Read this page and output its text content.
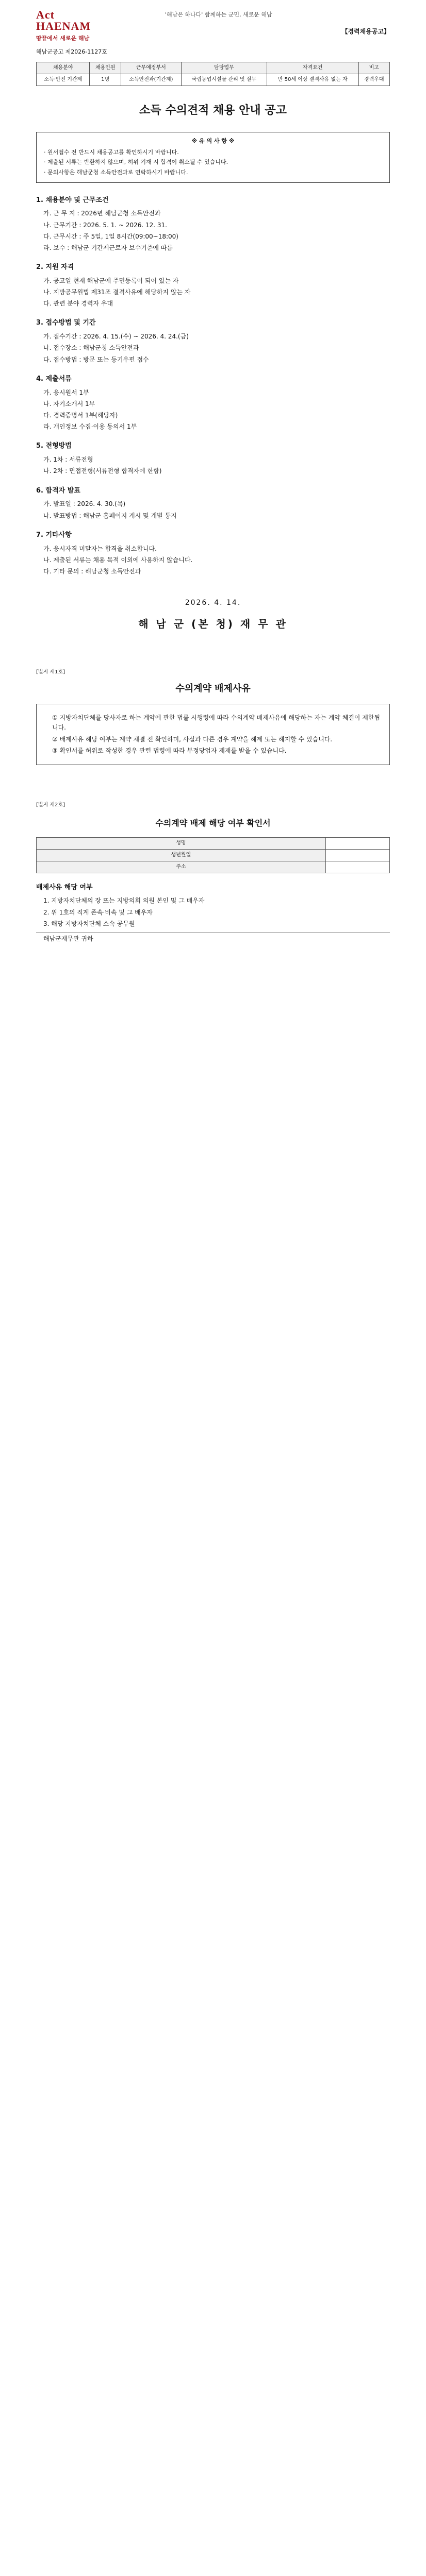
Act HAENAM
땅끝에서 새로운 해남
'해남은 하나다' 함께하는 군민, 새로운 해남
【경력채용공고】
해남군공고 제2026-1127호
채용분야	채용인원	근무예정부서	담당업무	자격요건	비고
소득·안전 기간제	1명	소득안전과(기간제)	국립농업시설물 관리 및 실무	만 50세 이상 결격사유 없는 자	경력우대
소득 수의견적 채용 안내 공고
※ 유 의 사 항 ※

· 원서접수 전 반드시 채용공고를 확인하시기 바랍니다.

· 제출된 서류는 반환하지 않으며, 허위 기재 시 합격이 취소될 수 있습니다.

· 문의사항은 해남군청 소득안전과로 연락하시기 바랍니다.

1. 채용분야 및 근무조건

가. 근 무 지 : 2026년 해남군청 소득안전과

나. 근무기간 : 2026. 5. 1. ~ 2026. 12. 31.

다. 근무시간 : 주 5일, 1일 8시간(09:00~18:00)

라. 보수 : 해남군 기간제근로자 보수기준에 따름

2. 지원 자격

가. 공고일 현재 해남군에 주민등록이 되어 있는 자

나. 지방공무원법 제31조 결격사유에 해당하지 않는 자

다. 관련 분야 경력자 우대

3. 접수방법 및 기간

가. 접수기간 : 2026. 4. 15.(수) ~ 2026. 4. 24.(금)

나. 접수장소 : 해남군청 소득안전과

다. 접수방법 : 방문 또는 등기우편 접수

4. 제출서류

가. 응시원서 1부

나. 자기소개서 1부

다. 경력증명서 1부(해당자)

라. 개인정보 수집·이용 동의서 1부

5. 전형방법

가. 1차 : 서류전형

나. 2차 : 면접전형(서류전형 합격자에 한함)

6. 합격자 발표

가. 발표일 : 2026. 4. 30.(목)

나. 발표방법 : 해남군 홈페이지 게시 및 개별 통지

7. 기타사항

가. 응시자격 미달자는 합격을 취소합니다.

나. 제출된 서류는 채용 목적 이외에 사용하지 않습니다.

다. 기타 문의 : 해남군청 소득안전과

2026. 4. 14.
해 남 군 (본 청) 재 무 관
[별지 제1호]
수의계약 배제사유

① 지방자치단체를 당사자로 하는 계약에 관한 법률 시행령에 따라 수의계약 배제사유에 해당하는 자는 계약 체결이 제한됩니다.

② 배제사유 해당 여부는 계약 체결 전 확인하며, 사실과 다른 경우 계약을 해제 또는 해지할 수 있습니다.

③ 확인서를 허위로 작성한 경우 관련 법령에 따라 부정당업자 제재를 받을 수 있습니다.

[별지 제2호]
수의계약 배제 해당 여부 확인서
성명	
생년월일	
주소	
배제사유 해당 여부

1. 지방자치단체의 장 또는 지방의회 의원 본인 및 그 배우자

2. 위 1호의 직계 존속·비속 및 그 배우자

3. 해당 지방자치단체 소속 공무원

해남군재무관 귀하
